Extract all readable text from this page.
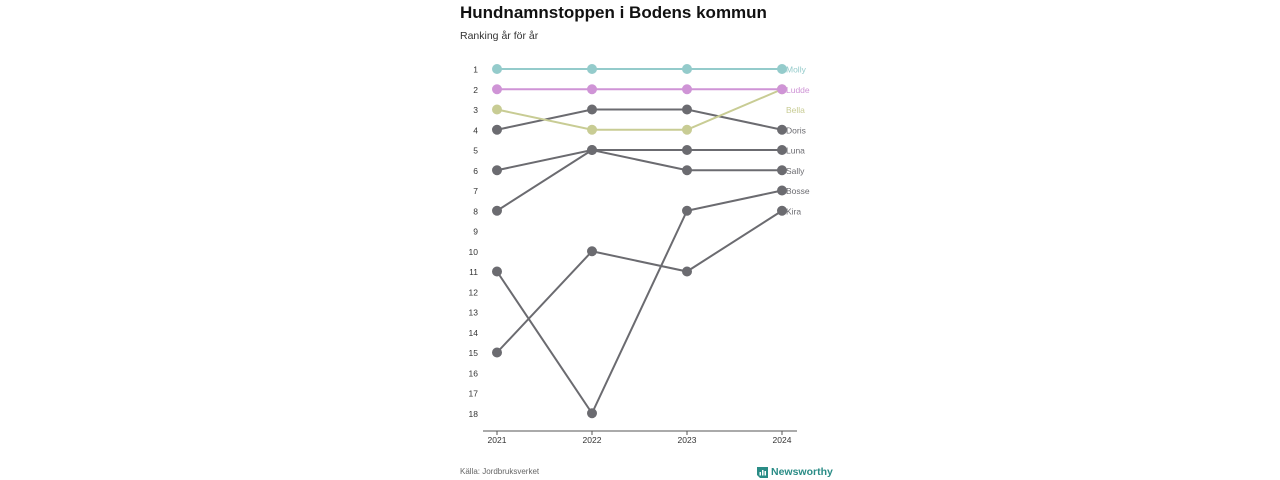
Hundnamnstoppen i Bodens kommun
Ranking år för år
1
2
3
4
5
6
7
8
9
10
11
12
13
14
15
16
17
18
2021	2022	2023	2024
Bosse
Kira
Sally
Luna
Doris
Bella
Ludde
Molly
Källa: Jordbruksverket	Newsworthy
